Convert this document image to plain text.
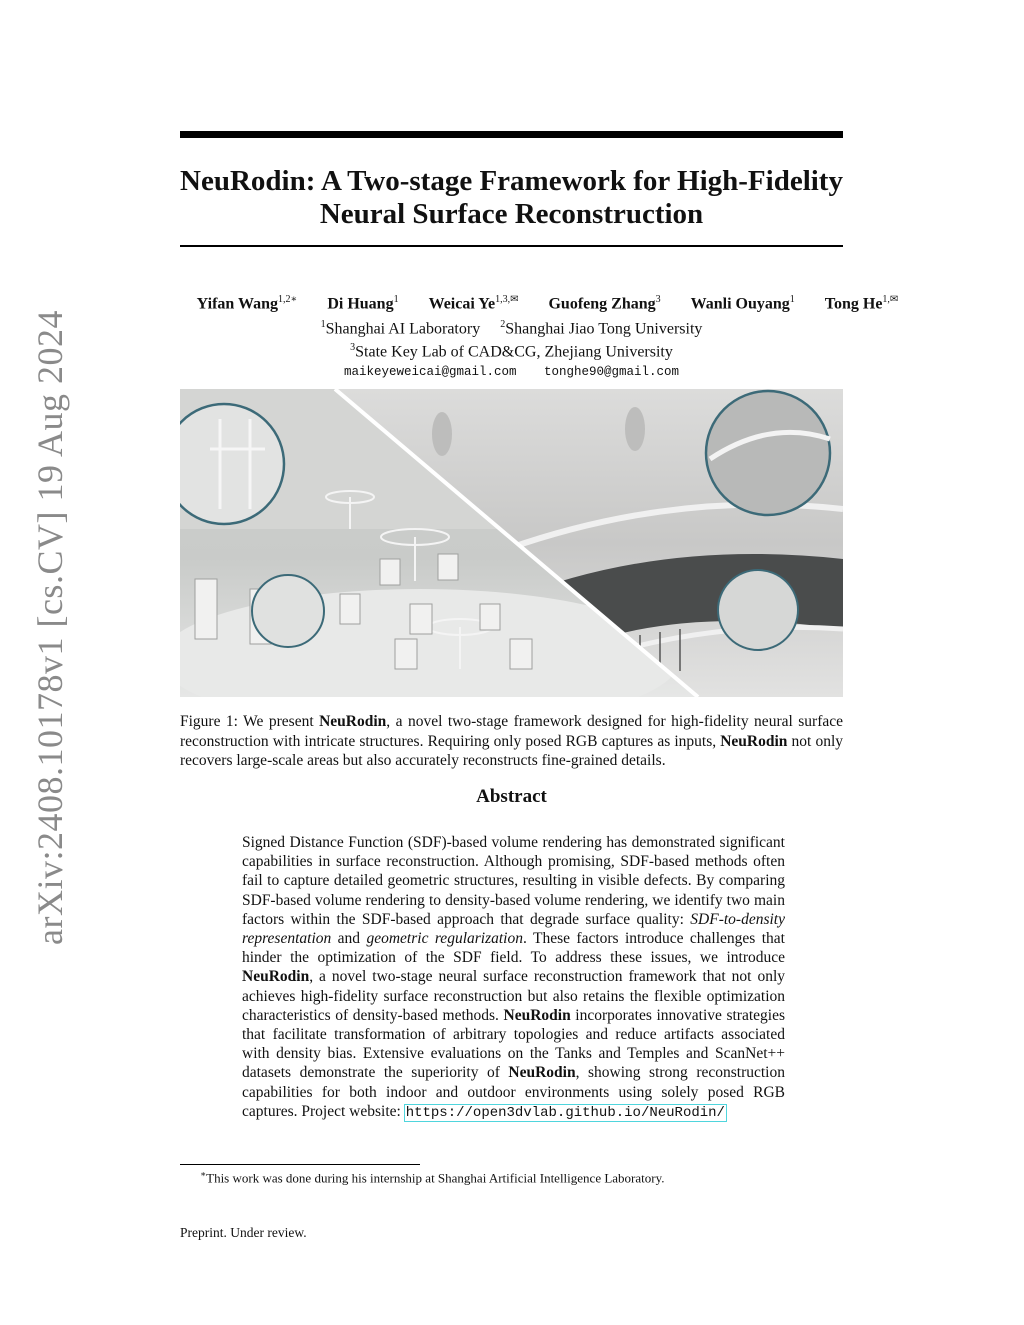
arXiv:2408.10178v1 [cs.CV] 19 Aug 2024
NeuRodin: A Two-stage Framework for High-Fidelity
Neural Surface Reconstruction
Yifan Wang$^{1,2∗}$ Di Huang$^1$ Weicai $Ye^{1,3,✉}$ Guofeng Zhang$^3$ Wanli Ouyang$^1$ Tong $He^{1,✉}$
$^1$Shanghai AI Laboratory $^2$Shanghai Jiao Tong University
$^3$State Key Lab of CAD&CG, Zhejiang University
maikeyeweicai@gmail.com tonghe90@gmail.com
Figure 1: We present NeuRodin, a novel two-stage framework designed for high-fidelity neural surface reconstruction with intricate structures. Requiring only posed RGB captures as inputs, NeuRodin not only recovers large-scale areas but also accurately reconstructs fine-grained details.
Abstract
Signed Distance Function (SDF)-based volume rendering has demonstrated significant capabilities in surface reconstruction. Although promising, SDF-based methods often fail to capture detailed geometric structures, resulting in visible defects. By comparing SDF-based volume rendering to density-based volume rendering, we identify two main factors within the SDF-based approach that degrade surface quality: SDF-to-density representation and geometric regularization. These factors introduce challenges that hinder the optimization of the SDF field. To address these issues, we introduce NeuRodin, a novel two-stage neural surface reconstruction framework that not only achieves high-fidelity surface reconstruction but also retains the flexible optimization characteristics of density-based methods. NeuRodin incorporates innovative strategies that facilitate transformation of arbitrary topologies and reduce artifacts associated with density bias. Extensive evaluations on the Tanks and Temples and ScanNet++ datasets demonstrate the superiority of NeuRodin, showing strong reconstruction capabilities for both indoor and outdoor environments using solely posed RGB captures. Project website: https://open3dvlab.github.io/NeuRodin/
∗This work was done during his internship at Shanghai Artificial Intelligence Laboratory.
Preprint. Under review.
